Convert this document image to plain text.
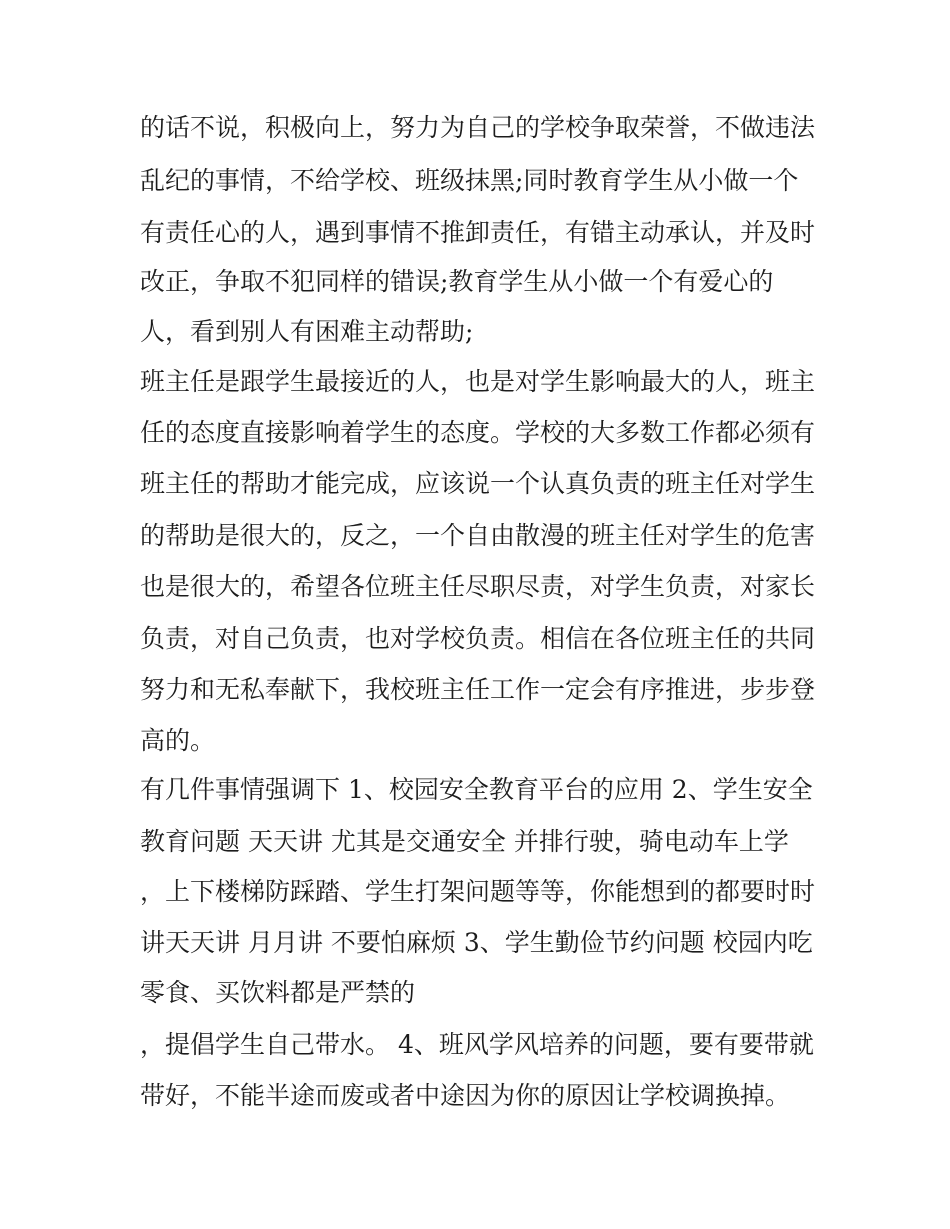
的话不说，积极向上，努力为自己的学校争取荣誉，不做违法
乱纪的事情，不给学校、班级抹黑;同时教育学生从小做一个
有责任心的人，遇到事情不推卸责任，有错主动承认，并及时
改正，争取不犯同样的错误;教育学生从小做一个有爱心的
人，看到别人有困难主动帮助;
班主任是跟学生最接近的人，也是对学生影响最大的人，班主
任的态度直接影响着学生的态度。学校的大多数工作都必须有
班主任的帮助才能完成，应该说一个认真负责的班主任对学生
的帮助是很大的，反之，一个自由散漫的班主任对学生的危害
也是很大的，希望各位班主任尽职尽责，对学生负责，对家长
负责，对自己负责，也对学校负责。相信在各位班主任的共同
努力和无私奉献下，我校班主任工作一定会有序推进，步步登
高的。
有几件事情强调下 1、校园安全教育平台的应用 2、学生安全
教育问题 天天讲 尤其是交通安全 并排行驶，骑电动车上学
，上下楼梯防踩踏、学生打架问题等等，你能想到的都要时时
讲天天讲 月月讲 不要怕麻烦 3、学生勤俭节约问题 校园内吃
零食、买饮料都是严禁的
，提倡学生自己带水。 4、班风学风培养的问题，要有要带就
带好，不能半途而废或者中途因为你的原因让学校调换掉。
